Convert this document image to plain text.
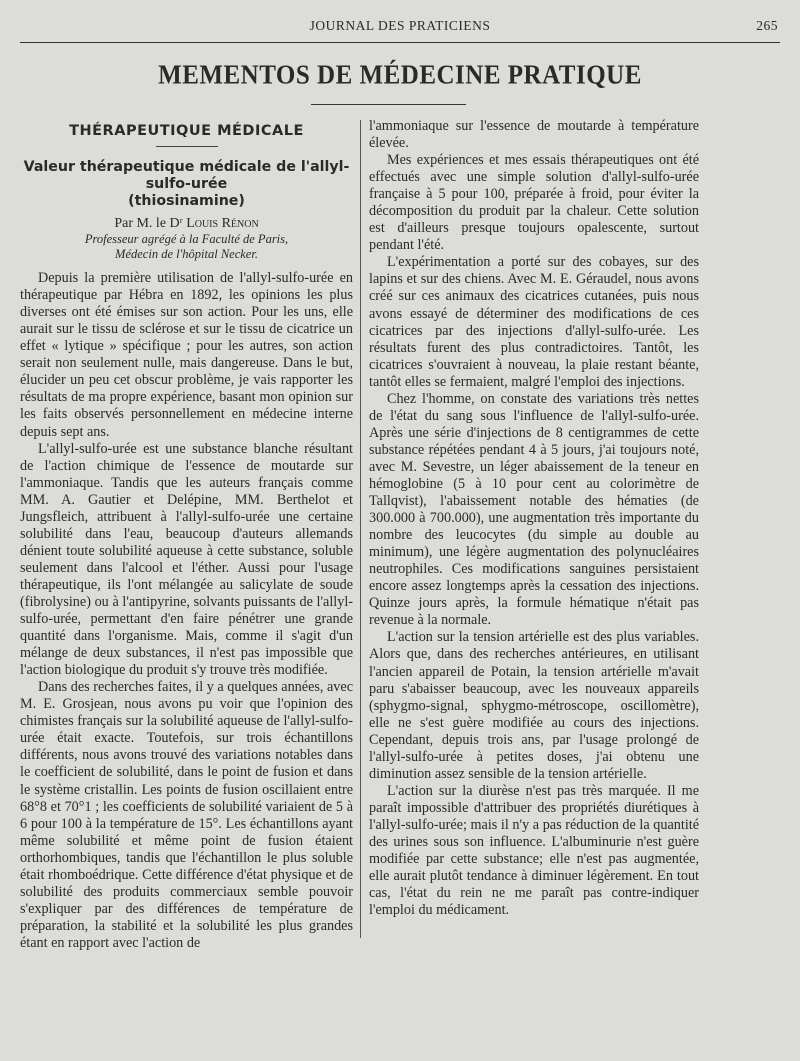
JOURNAL DES PRATICIENS	265
MEMENTOS DE MÉDECINE PRATIQUE
THÉRAPEUTIQUE MÉDICALE
Valeur thérapeutique médicale de l'allyl-sulfo-urée
(thiosinamine)
Par M. le Dʳ Louis Rénon
Professeur agrégé à la Faculté de Paris,
Médecin de l'hôpital Necker.

Depuis la première utilisation de l'allyl-sulfo-urée en thérapeutique par Hébra en 1892, les opinions les plus diverses ont été émises sur son action. Pour les uns, elle aurait sur le tissu de sclérose et sur le tissu de cicatrice un effet « lytique » spécifique ; pour les autres, son action serait non seulement nulle, mais dangereuse. Dans le but, élucider un peu cet obscur problème, je vais rapporter les résultats de ma propre expérience, basant mon opinion sur les faits observés personnellement en médecine interne depuis sept ans.

L'allyl-sulfo-urée est une substance blanche résultant de l'action chimique de l'essence de moutarde sur l'ammoniaque. Tandis que les auteurs français comme MM. A. Gautier et Delépine, MM. Berthelot et Jungsfleich, attribuent à l'allyl-sulfo-urée une certaine solubilité dans l'eau, beaucoup d'auteurs allemands dénient toute solubilité aqueuse à cette substance, soluble seulement dans l'alcool et l'éther. Aussi pour l'usage thérapeutique, ils l'ont mélangée au salicylate de soude (fibrolysine) ou à l'antipyrine, solvants puissants de l'allyl-sulfo-urée, permettant d'en faire pénétrer une grande quantité dans l'organisme. Mais, comme il s'agit d'un mélange de deux substances, il n'est pas impossible que l'action biologique du produit s'y trouve très modifiée.

Dans des recherches faites, il y a quelques années, avec M. E. Grosjean, nous avons pu voir que l'opinion des chimistes français sur la solubilité aqueuse de l'allyl-sulfo-urée était exacte. Toutefois, sur trois échantillons différents, nous avons trouvé des variations notables dans le coefficient de solubilité, dans le point de fusion et dans le système cristallin. Les points de fusion oscillaient entre 68°8 et 70°1 ; les coefficients de solubilité variaient de 5 à 6 pour 100 à la température de 15°. Les échantillons ayant même solubilité et même point de fusion étaient orthorhombiques, tandis que l'échantillon le plus soluble était rhomboédrique. Cette différence d'état physique et de solubilité des produits commerciaux semble pouvoir s'expliquer par des différences de température de préparation, la stabilité et la solubilité les plus grandes étant en rapport avec l'action de

l'ammoniaque sur l'essence de moutarde à température élevée.

Mes expériences et mes essais thérapeutiques ont été effectués avec une simple solution d'allyl-sulfo-urée française à 5 pour 100, préparée à froid, pour éviter la décomposition du produit par la chaleur. Cette solution est d'ailleurs presque toujours opalescente, surtout pendant l'été.

L'expérimentation a porté sur des cobayes, sur des lapins et sur des chiens. Avec M. E. Géraudel, nous avons créé sur ces animaux des cicatrices cutanées, puis nous avons essayé de déterminer des modifications de ces cicatrices par des injections d'allyl-sulfo-urée. Les résultats furent des plus contradictoires. Tantôt, les cicatrices s'ouvraient à nouveau, la plaie restant béante, tantôt elles se fermaient, malgré l'emploi des injections.

Chez l'homme, on constate des variations très nettes de l'état du sang sous l'influence de l'allyl-sulfo-urée. Après une série d'injections de 8 centigrammes de cette substance répétées pendant 4 à 5 jours, j'ai toujours noté, avec M. Sevestre, un léger abaissement de la teneur en hémoglobine (5 à 10 pour cent au colorimètre de Tallqvist), l'abaissement notable des hématies (de 300.000 à 700.000), une augmentation très importante du nombre des leucocytes (du simple au double au minimum), une légère augmentation des polynucléaires neutrophiles. Ces modifications sanguines persistaient encore assez longtemps après la cessation des injections. Quinze jours après, la formule hématique n'était pas revenue à la normale.

L'action sur la tension artérielle est des plus variables. Alors que, dans des recherches antérieures, en utilisant l'ancien appareil de Potain, la tension artérielle m'avait paru s'abaisser beaucoup, avec les nouveaux appareils (sphygmo-signal, sphygmo-métroscope, oscillomètre), elle ne s'est guère modifiée au cours des injections. Cependant, depuis trois ans, par l'usage prolongé de l'allyl-sulfo-urée à petites doses, j'ai obtenu une diminution assez sensible de la tension artérielle.

L'action sur la diurèse n'est pas très marquée. Il me paraît impossible d'attribuer des propriétés diurétiques à l'allyl-sulfo-urée; mais il n'y a pas réduction de la quantité des urines sous son influence. L'albuminurie n'est guère modifiée par cette substance; elle n'est pas augmentée, elle aurait plutôt tendance à diminuer légèrement. En tout cas, l'état du rein ne me paraît pas contre-indiquer l'emploi du médicament.
